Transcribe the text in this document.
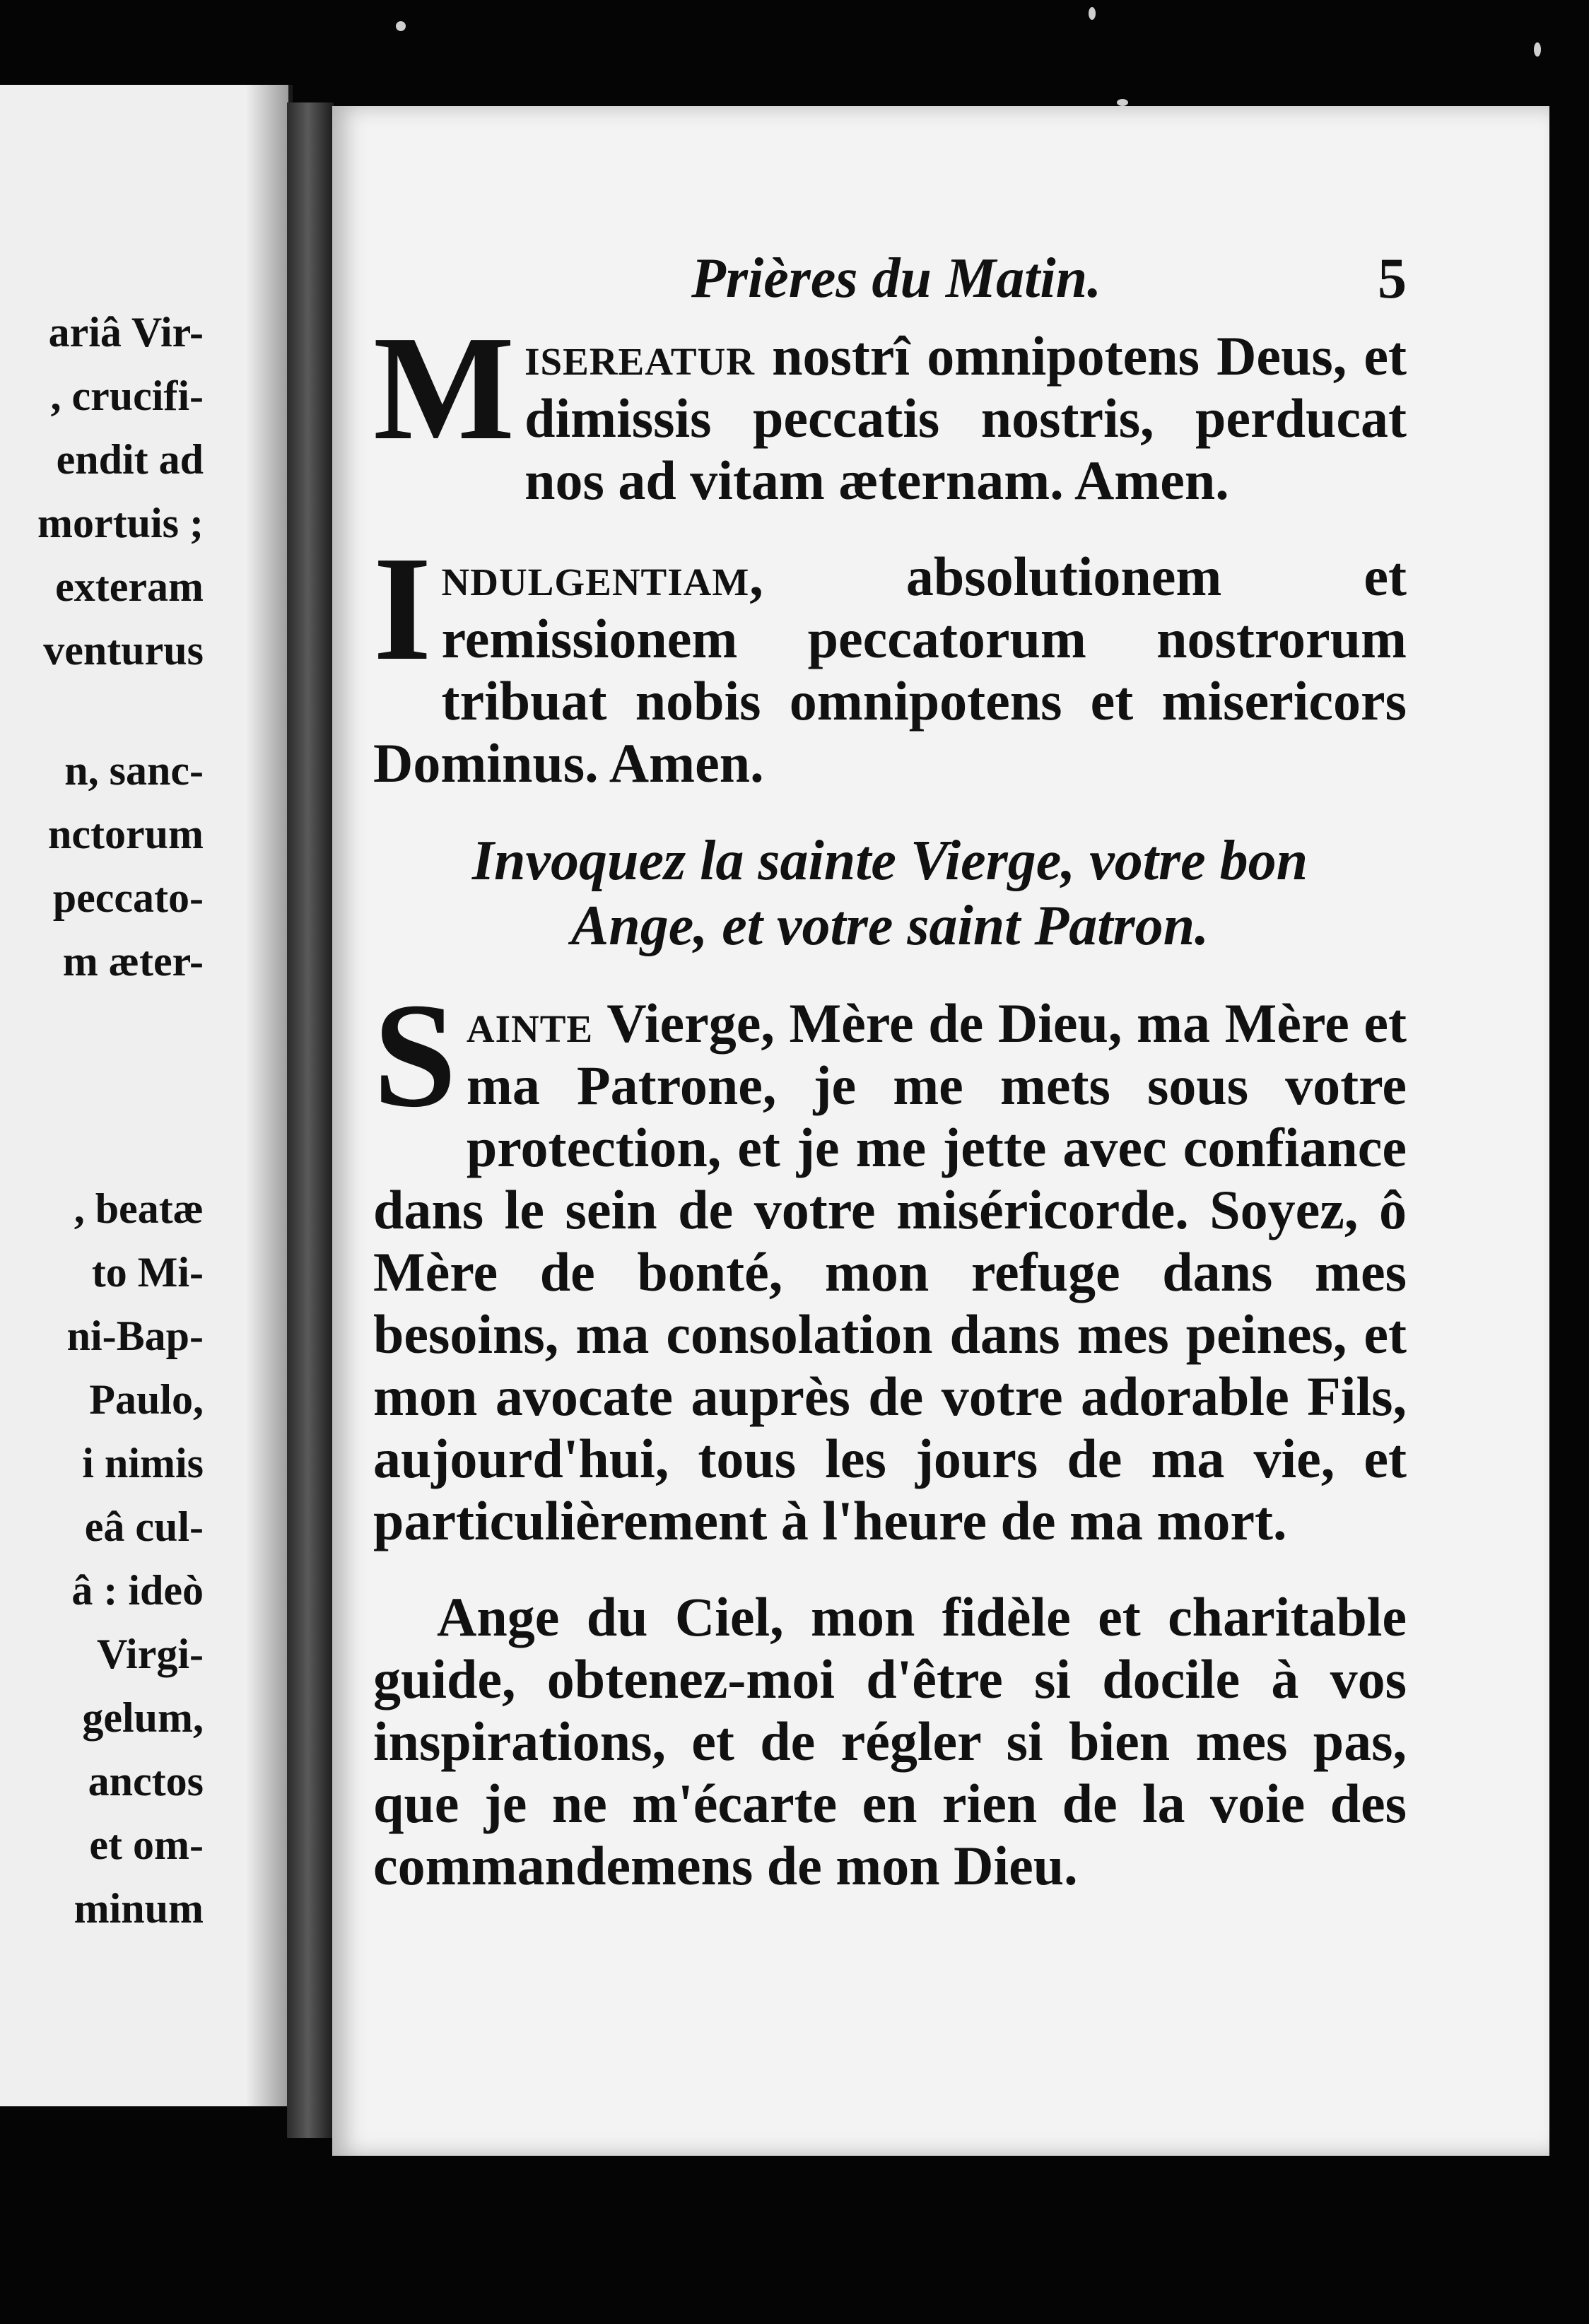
ariâ Vir-
, crucifi-
endit ad
mortuis ;
exteram
venturus
n, sanc-
nctorum
peccato-
m æter-
, beatæ
to Mi-
ni-Bap-
Paulo,
i nimis
eâ cul-
â : ideò
Virgi-
gelum,
anctos
et om-
minum
Prières du Matin.	5

Misereatur nostrî omnipotens Deus, et dimissis peccatis nostris, perducat nos ad vitam æternam. Amen.

Indulgentiam, absolutionem et remissionem peccatorum nostrorum tribuat nobis omnipotens et misericors Dominus. Amen.

Invoquez la sainte Vierge, votre bon
Ange, et votre saint Patron.

Sainte Vierge, Mère de Dieu, ma Mère et ma Patrone, je me mets sous votre protection, et je me jette avec confiance dans le sein de votre miséricorde. Soyez, ô Mère de bonté, mon refuge dans mes besoins, ma consolation dans mes peines, et mon avocate auprès de votre adorable Fils, aujourd'hui, tous les jours de ma vie, et particulièrement à l'heure de ma mort.

Ange du Ciel, mon fidèle et charitable guide, obtenez-moi d'être si docile à vos inspirations, et de régler si bien mes pas, que je ne m'écarte en rien de la voie des commandemens de mon Dieu.
